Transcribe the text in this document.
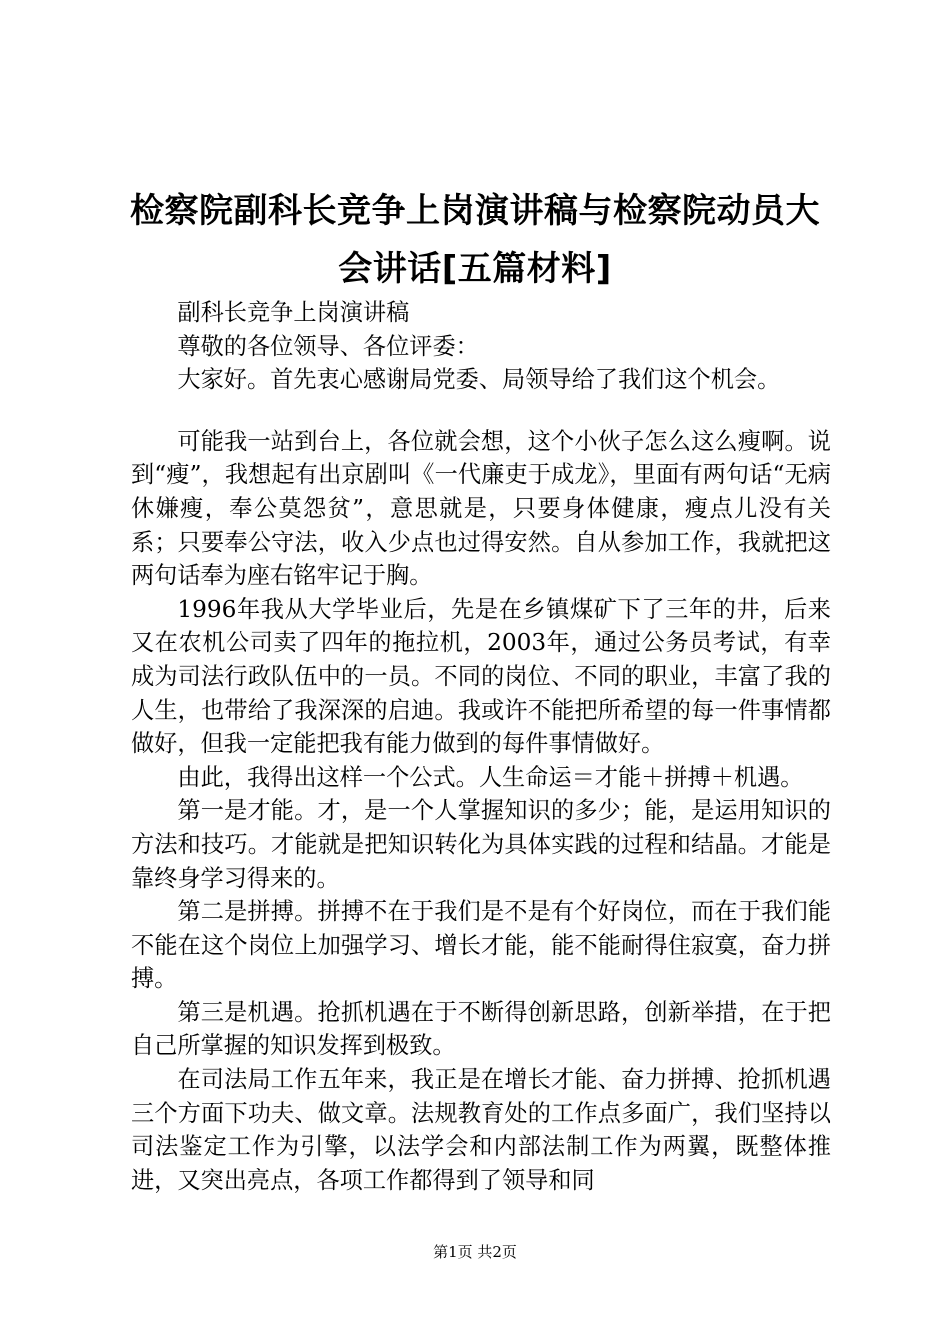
检察院副科长竞争上岗演讲稿与检察院动员大
会讲话[五篇材料]

副科长竞争上岗演讲稿

尊敬的各位领导、各位评委：

大家好。首先衷心感谢局党委、局领导给了我们这个机会。

可能我一站到台上，各位就会想，这个小伙子怎么这么瘦啊。说到“瘦”，我想起有出京剧叫《一代廉吏于成龙》，里面有两句话“无病休嫌瘦，奉公莫怨贫”，意思就是，只要身体健康，瘦点儿没有关系；只要奉公守法，收入少点也过得安然。自从参加工作，我就把这两句话奉为座右铭牢记于胸。

1996年我从大学毕业后，先是在乡镇煤矿下了三年的井，后来又在农机公司卖了四年的拖拉机，2003年，通过公务员考试，有幸成为司法行政队伍中的一员。不同的岗位、不同的职业，丰富了我的人生，也带给了我深深的启迪。我或许不能把所希望的每一件事情都做好，但我一定能把我有能力做到的每件事情做好。

由此，我得出这样一个公式。人生命运＝才能＋拼搏＋机遇。

第一是才能。才，是一个人掌握知识的多少；能，是运用知识的方法和技巧。才能就是把知识转化为具体实践的过程和结晶。才能是靠终身学习得来的。

第二是拼搏。拼搏不在于我们是不是有个好岗位，而在于我们能不能在这个岗位上加强学习、增长才能，能不能耐得住寂寞，奋力拼搏。

第三是机遇。抢抓机遇在于不断得创新思路，创新举措，在于把自己所掌握的知识发挥到极致。

在司法局工作五年来，我正是在增长才能、奋力拼搏、抢抓机遇三个方面下功夫、做文章。法规教育处的工作点多面广，我们坚持以司法鉴定工作为引擎，以法学会和内部法制工作为两翼，既整体推进，又突出亮点，各项工作都得到了领导和同

第1页 共2页
